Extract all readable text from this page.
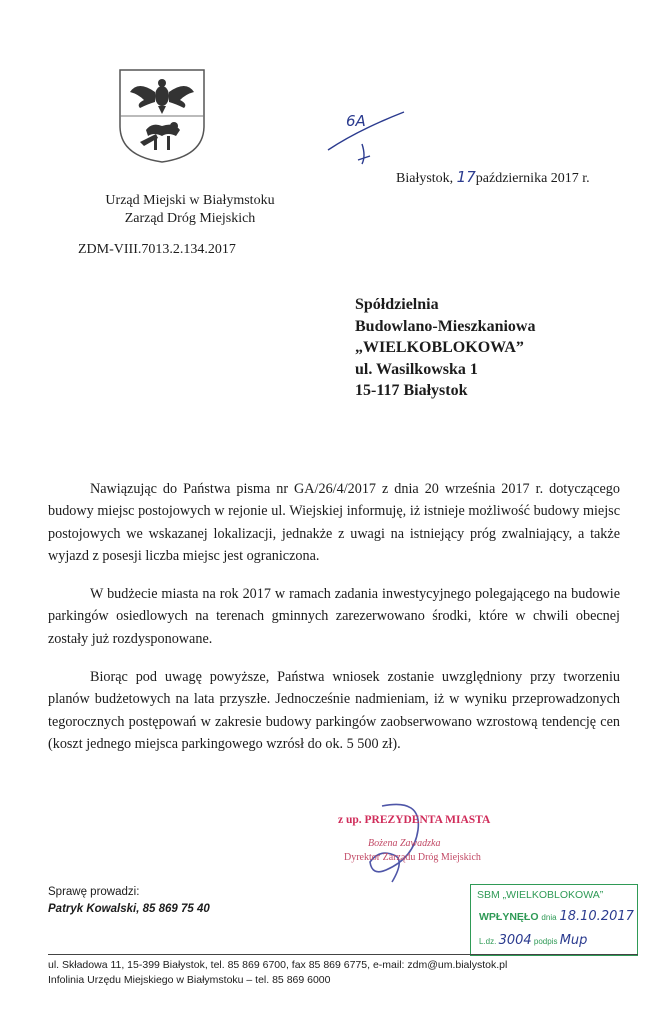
Urząd Miejski w Białymstoku
Zarząd Dróg Miejskich
ZDM-VIII.7013.2.134.2017
6A
Białystok, 17października 2017 r.
Spółdzielnia
Budowlano-Mieszkaniowa
„WIELKOBLOKOWA”
ul. Wasilkowska 1
15-117 Białystok

Nawiązując do Państwa pisma nr GA/26/4/2017 z dnia 20 września 2017 r. dotyczącego budowy miejsc postojowych w rejonie ul. Wiejskiej informuję, iż istnieje możliwość budowy miejsc postojowych we wskazanej lokalizacji, jednakże z uwagi na istniejący próg zwalniający, a także wyjazd z posesji liczba miejsc jest ograniczona.

W budżecie miasta na rok 2017 w ramach zadania inwestycyjnego polegającego na budowie parkingów osiedlowych na terenach gminnych zarezerwowano środki, które w chwili obecnej zostały już rozdysponowane.

Biorąc pod uwagę powyższe, Państwa wniosek zostanie uwzględniony przy tworzeniu planów budżetowych na lata przyszłe. Jednocześnie nadmieniam, iż w wyniku przeprowadzonych tegorocznych postępowań w zakresie budowy parkingów zaobserwowano wzrostową tendencję cen (koszt jednego miejsca parkingowego wzrósł do ok. 5 500 zł).

z up. PREZYDENTA MIASTA
Bożena Zawadzka
Dyrektor Zarządu Dróg Miejskich
Sprawę prowadzi:
Patryk Kowalski, 85 869 75 40
SBM „WIELKOBLOKOWA”
WPŁYNĘŁO dnia 18.10.2017
L.dz. 3004 podpis Mup
ul. Składowa 11, 15-399 Białystok, tel. 85 869 6700, fax 85 869 6775, e-mail: zdm@um.bialystok.pl
Infolinia Urzędu Miejskiego w Białymstoku – tel. 85 869 6000
